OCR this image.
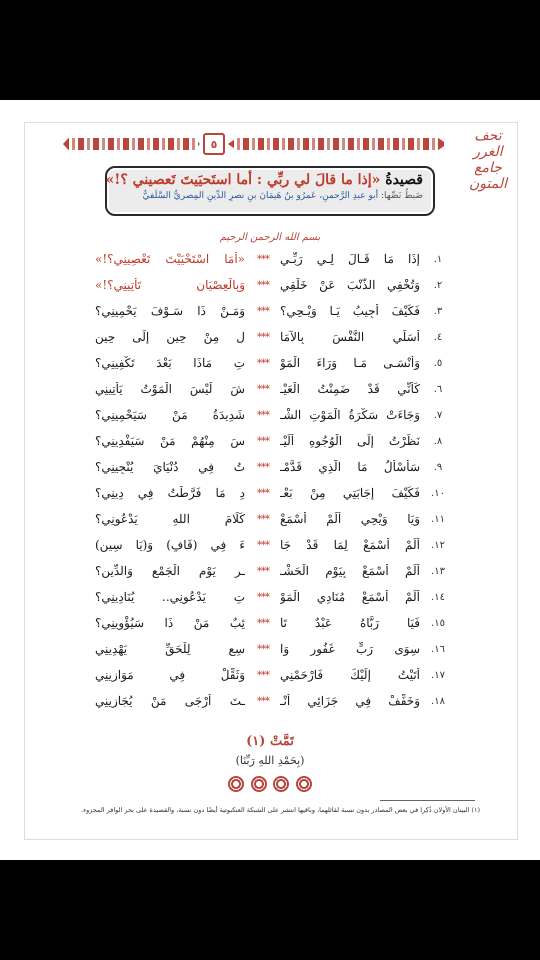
٥	تحف الغرر جامع المتون
قصيدةُ «إذا ما قالَ لي ربِّي : أما استَحيَيتَ تَعصيني ؟!»
ضَبطُ نَصِّها: أبو عبدِ الرَّحمنِ، عَمرُو بنُ هَيمَانَ بنِ نصرِ الدِّينِ المِصريُّ السَّلَفيُّ
بسم الله الرحمن الرحيم
١.
إذَا مَا قَـالَ لِـي رَبِّـي
***
«أَمَا اسْتَحْيَيْتَ تَعْصِينِي؟!»
٢.
وَتُخْفِي الذَّنْبَ عَنْ خَلْقِي
***
وَبِالْعِصْيَانِ تَأْتِينِي؟!»
٣.
فَكَيْفَ أُجِيبُ يَـا وَيْـحِي؟
***
وَمَـنْ ذَا سَـوْفَ يَحْمِينِي؟
٤.
أُسَلِّي النَّفْسَ بِالآمَا
***
لِ مِنْ حِينٍ إِلَى حِينِ
٥.
وَأَنْسَـى مَـا وَرَاءَ الْمَوْ
***
تِ مَاذَا بَعْدَ تَكْفِينِي؟
٦.
كَأَنِّي قَدْ ضَمِنْتُ الْعَيْـ
***
شَ لَيْسَ الْمَوْتُ يَأْتِينِي
٧.
وَجَاءَتْ سَكْرَةُ الْمَوْتِ الشْـ
***
شَدِيدَةُ مَنْ سَيَحْمِينِي؟
٨.
نَظَرْتُ إِلَى الْوُجُوهِ أَلَيْـ
***
سَ مِنْهُمْ مَنْ سَيَفْدِينِي؟
٩.
سَأُسْأَلُ مَا الَّذِي قَدَّمْـ
***
تُ فِي دُنْيَايَ يُنْجِينِي؟
١٠.
فَكَيْفَ إِجَابَتِي مِنْ بَعْـ
***
دِ مَا فَرَّطْتُ فِي دِينِي؟
١١.
وَيَا وَيْحِي أَلَمْ أَسْمَعْ
***
كَلَامَ اللهِ يَدْعُونِي؟
١٢.
أَلَمْ أَسْمَعْ لِمَا قَدْ جَا
***
ءَ فِي (قَافٍ) وَ(يَا سِينِ)
١٣.
أَلَمْ أَسْمَعْ بِيَوْمِ الْحَشْـ
***
ـرِ يَوْمِ الْجَمْعِ وَالدِّينِ؟
١٤.
أَلَمْ أَسْمَعْ مُنَادِي الْمَوْ
***
تِ يَدْعُونِي.. يُنَادِينِي؟
١٥.
فَيَا رَبَّاهُ عَبْدٌ تَا
***
ئِبٌ مَنْ ذَا سَيُؤْوِينِي؟
١٦.
سِوَى رَبٍّ غَفُورٍ وَا
***
سِعٍ لِلْحَقِّ يَهْدِينِي
١٧.
أَتَيْتُ إِلَيْكَ فَارْحَمْنِي
***
وَثَقِّلْ فِي مَوَازِينِي
١٨.
وَخَفِّفْ فِي جَزَائِي أَنْـ
***
ـتَ أَرْجَى مَنْ يُجَازِينِي
تَمَّتْ (١)
(بِحَمْدِ اللهِ رَبِّنَا)
(١) البيتان الأولان ذُكِرا في بعض المصادر بدون نسبة لقائلهما، وباقيها انتشر على الشبكة العنكبوتية أيضًا دون نسبة، والقصيدة على بحر الوافر المجزوء.
